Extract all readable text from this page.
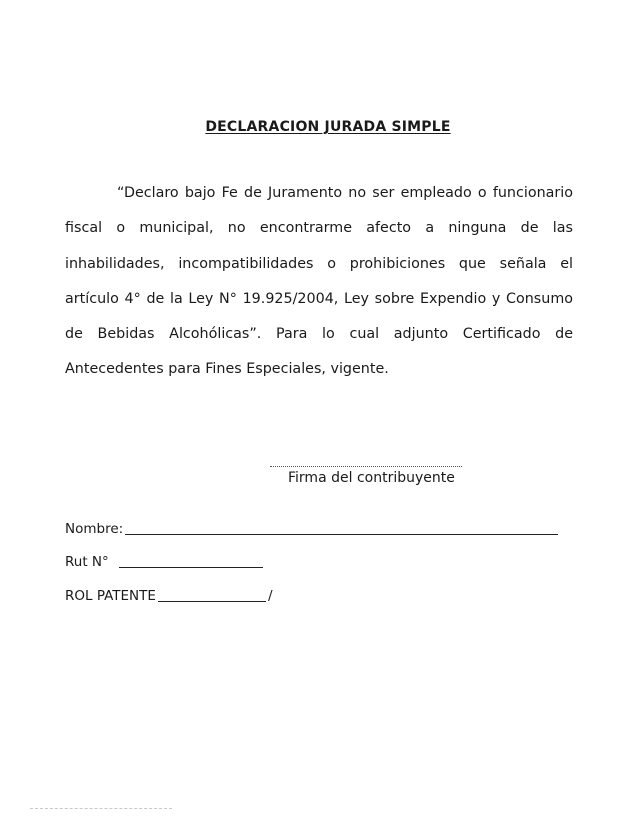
DECLARACION JURADA SIMPLE

“Declaro bajo Fe de Juramento no ser empleado o funcionario fiscal o municipal, no encontrarme afecto a ninguna de las inhabilidades, incompatibilidades o prohibiciones que señala el artículo 4° de la Ley N° 19.925/2004, Ley sobre Expendio y Consumo de Bebidas Alcohólicas”. Para lo cual adjunto Certificado de Antecedentes para Fines Especiales, vigente.

Firma del contribuyente
Nombre:
Rut N°
ROL PATENTE	/
